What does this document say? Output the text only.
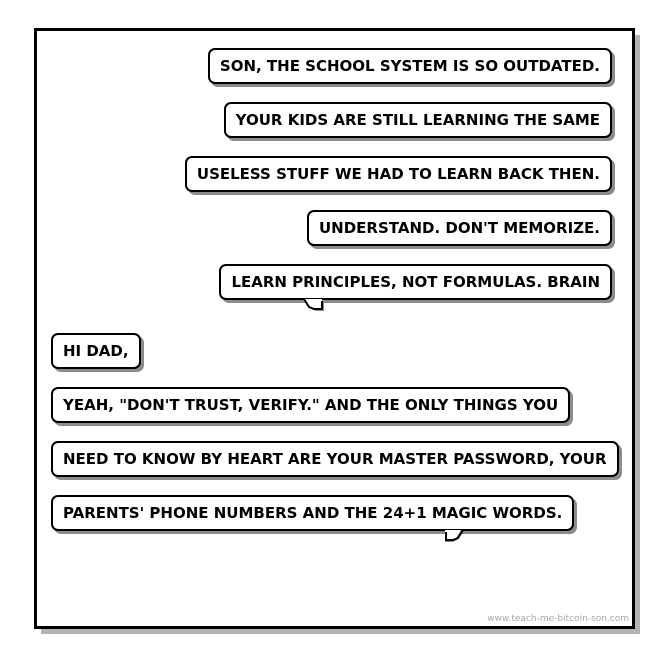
SON, THE SCHOOL SYSTEM IS SO OUTDATED.
YOUR KIDS ARE STILL LEARNING THE SAME
USELESS STUFF WE HAD TO LEARN BACK THEN.
UNDERSTAND. DON'T MEMORIZE.
LEARN PRINCIPLES, NOT FORMULAS. BRAIN
HI DAD,
YEAH, "DON'T TRUST, VERIFY." AND THE ONLY THINGS YOU
NEED TO KNOW BY HEART ARE YOUR MASTER PASSWORD, YOUR
PARENTS' PHONE NUMBERS AND THE 24+1 MAGIC WORDS.
www.teach-me-bitcoin-son.com
